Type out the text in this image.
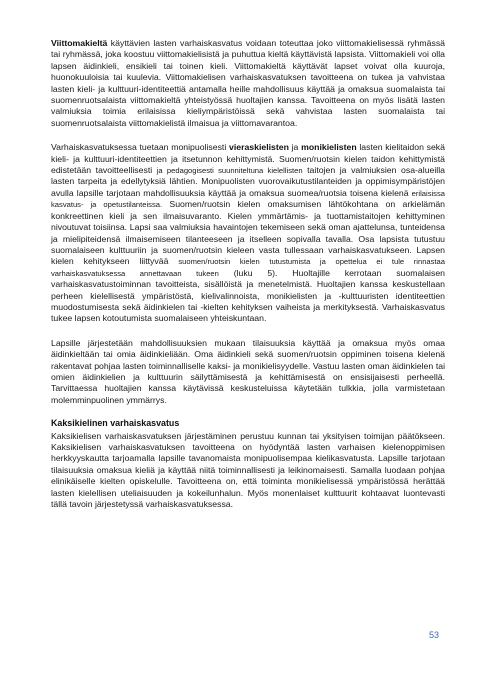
Viittomakieltä käyttävien lasten varhaiskasvatus voidaan toteuttaa joko viittomakielisessä ryhmässä tai ryhmässä, joka koostuu viittomakielisistä ja puhuttua kieltä käyttävistä lapsista. Viittomakieli voi olla lapsen äidinkieli, ensikieli tai toinen kieli. Viittomakieltä käyttävät lapset voivat olla kuuroja, huonokuuloisia tai kuulevia. Viittomakielisen varhaiskasvatuksen tavoitteena on tukea ja vahvistaa lasten kieli- ja kulttuuri-identiteettiä antamalla heille mahdollisuus käyttää ja omaksua suomalaista tai suomenruotsalaista viittomakieltä yhteistyössä huoltajien kanssa. Tavoitteena on myös lisätä lasten valmiuksia toimia erilaisissa kieliympäristöissä sekä vahvistaa lasten suomalaista tai suomenruotsalaista viittomakielistä ilmaisua ja viittomavarantoa.

Varhaiskasvatuksessa tuetaan monipuolisesti vieraskielisten ja monikielisten lasten kielitaidon sekä kieli- ja kulttuuri-identiteettien ja itsetunnon kehittymistä. Suomen/ruotsin kielen taidon kehittymistä edistetään tavoitteellisesti ja pedagogisesti suunniteltuna kielellisten taitojen ja valmiuksien osa-alueilla lasten tarpeita ja edellytyksiä lähtien. Monipuolisten vuorovaikutustilanteiden ja oppimisympäristöjen avulla lapsille tarjotaan mahdollisuuksia käyttää ja omaksua suomea/ruotsia toisena kielenä erilaisissa kasvatus- ja opetustilanteissa. Suomen/ruotsin kielen omaksumisen lähtökohtana on arkielämän konkreettinen kieli ja sen ilmaisuvaranto. Kielen ymmärtämis- ja tuottamistaitojen kehittyminen nivoutuvat toisiinsa. Lapsi saa valmiuksia havaintojen tekemiseen sekä oman ajattelunsa, tunteidensa ja mielipiteidensä ilmaisemiseen tilanteeseen ja itselleen sopivalla tavalla. Osa lapsista tutustuu suomalaiseen kulttuuriin ja suomen/ruotsin kieleen vasta tullessaan varhaiskasvatukseen. Lapsen kielen kehitykseen liittyvää suomen/ruotsin kielen tutustumista ja opettelua ei tule rinnastaa varhaiskasvatuksessa annettavaan tukeen (luku 5). Huoltajille kerrotaan suomalaisen varhaiskasvatustoiminnan tavoitteista, sisällöistä ja menetelmistä. Huoltajien kanssa keskustellaan perheen kielellisestä ympäristöstä, kielivalinnoista, monikielisten ja -kulttuuristen identiteettien muodostumisesta sekä äidinkielen tai -kielten kehityksen vaiheista ja merkityksestä. Varhaiskasvatus tukee lapsen kotoutumista suomalaiseen yhteiskuntaan.

Lapsille järjestetään mahdollisuuksien mukaan tilaisuuksia käyttää ja omaksua myös omaa äidinkieltään tai omia äidinkieliään. Oma äidinkieli sekä suomen/ruotsin oppiminen toisena kielenä rakentavat pohjaa lasten toiminnalliselle kaksi- ja monikielisyydelle. Vastuu lasten oman äidinkielen tai omien äidinkielien ja kulttuurin säilyttämisestä ja kehittämisestä on ensisijaisesti perheellä. Tarvittaessa huoltajien kanssa käytävissä keskusteluissa käytetään tulkkia, jolla varmistetaan molemminpuolinen ymmärrys.

Kaksikielinen varhaiskasvatus

Kaksikielisen varhaiskasvatuksen järjestäminen perustuu kunnan tai yksityisen toimijan päätökseen. Kaksikielisen varhaiskasvatuksen tavoitteena on hyödyntää lasten varhaisen kielenoppimisen herkkyyskautta tarjoamalla lapsille tavanomaista monipuolisempaa kielikasvatusta. Lapsille tarjotaan tilaisuuksia omaksua kieliä ja käyttää niitä toiminnallisesti ja leikinomaisesti. Samalla luodaan pohjaa elinikäiselle kielten opiskelulle. Tavoitteena on, että toiminta monikielisessä ympäristössä herättää lasten kielellisen uteliaisuuden ja kokeilunhalun. Myös monenlaiset kulttuurit kohtaavat luontevasti tällä tavoin järjestetyssä varhaiskasvatuksessa.

53
